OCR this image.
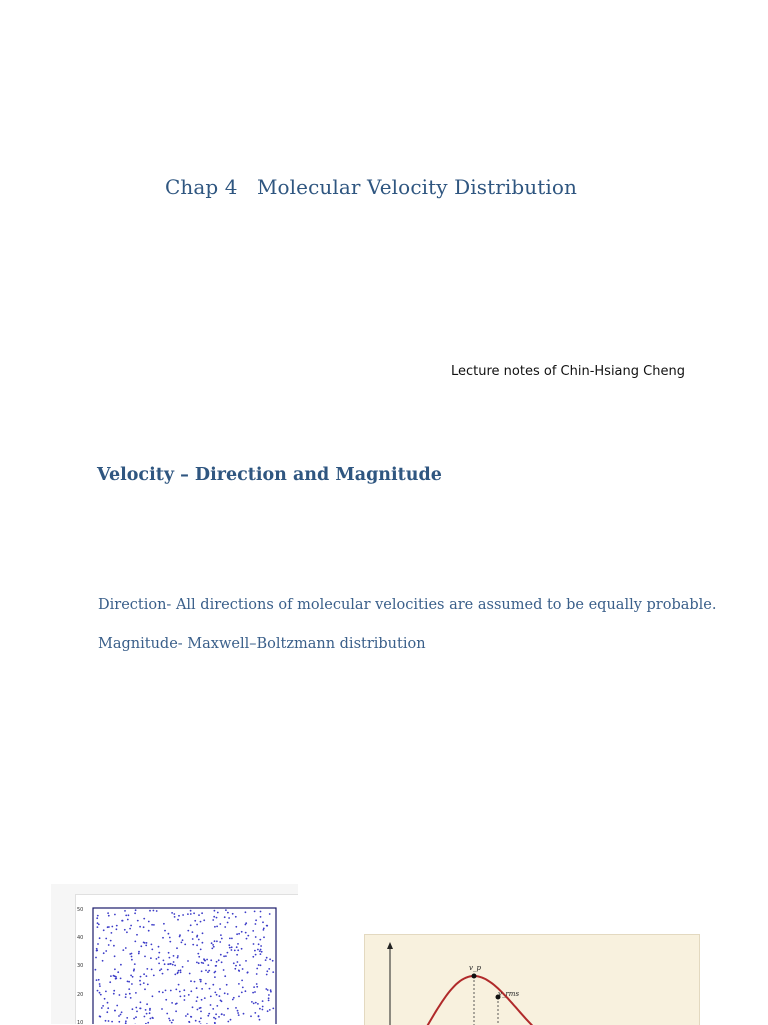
Chap 4   Molecular Velocity Distribution
Lecture notes of Chin-Hsiang Cheng
Velocity – Direction and Magnitude
Direction- All directions of molecular velocities are assumed to be equally probable.
Magnitude- Maxwell–Boltzmann distribution
50
40
30
20
10
v_p
v_rms
